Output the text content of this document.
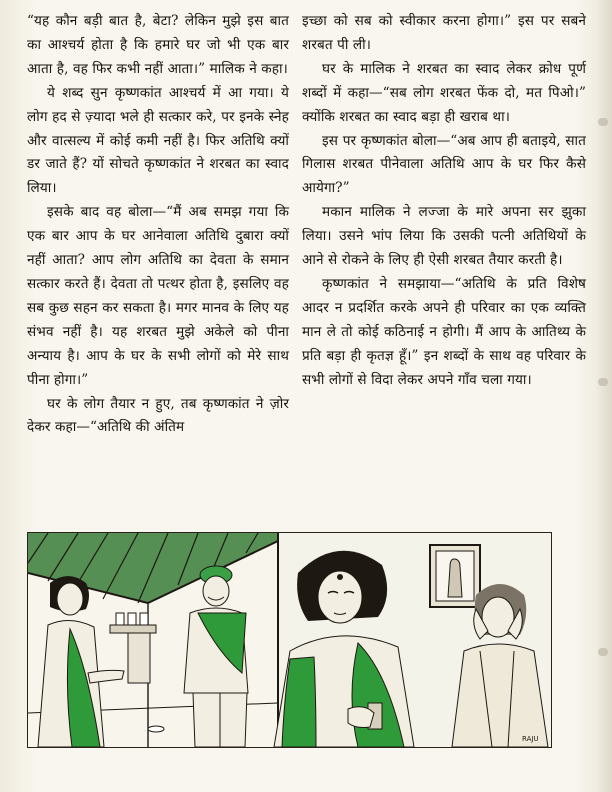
“यह कौन बड़ी बात है, बेटा? लेकिन मुझे इस बात का आश्चर्य होता है कि हमारे घर जो भी एक बार आता है, वह फिर कभी नहीं आता।” मालिक ने कहा।

ये शब्द सुन कृष्णकांत आश्चर्य में आ गया। ये लोग हद से ज़्यादा भले ही सत्कार करे, पर इनके स्नेह और वात्सल्य में कोई कमी नहीं है। फिर अतिथि क्यों डर जाते हैं? यों सोचते कृष्णकांत ने शरबत का स्वाद लिया।

इसके बाद वह बोला—“मैं अब समझ गया कि एक बार आप के घर आनेवाला अतिथि दुबारा क्यों नहीं आता? आप लोग अतिथि का देवता के समान सत्कार करते हैं। देवता तो पत्थर होता है, इसलिए वह सब कुछ सहन कर सकता है। मगर मानव के लिए यह संभव नहीं है। यह शरबत मुझे अकेले को पीना अन्याय है। आप के घर के सभी लोगों को मेरे साथ पीना होगा।”

घर के लोग तैयार न हुए, तब कृष्णकांत ने ज़ोर देकर कहा—“अतिथि की अंतिम

इच्छा को सब को स्वीकार करना होगा।” इस पर सबने शरबत पी ली।

घर के मालिक ने शरबत का स्वाद लेकर क्रोध पूर्ण शब्दों में कहा—“सब लोग शरबत फेंक दो, मत पिओ।” क्योंकि शरबत का स्वाद बड़ा ही खराब था।

इस पर कृष्णकांत बोला—“अब आप ही बताइये, सात गिलास शरबत पीनेवाला अतिथि आप के घर फिर कैसे आयेगा?”

मकान मालिक ने लज्जा के मारे अपना सर झुका लिया। उसने भांप लिया कि उसकी पत्नी अतिथियों के आने से रोकने के लिए ही ऐसी शरबत तैयार करती है।

कृष्णकांत ने समझाया—“अतिथि के प्रति विशेष आदर न प्रदर्शित करके अपने ही परिवार का एक व्यक्ति मान ले तो कोई कठिनाई न होगी। मैं आप के आतिथ्य के प्रति बड़ा ही कृतज्ञ हूँ।” इन शब्दों के साथ वह परिवार के सभी लोगों से विदा लेकर अपने गाँव चला गया।

RAJU
